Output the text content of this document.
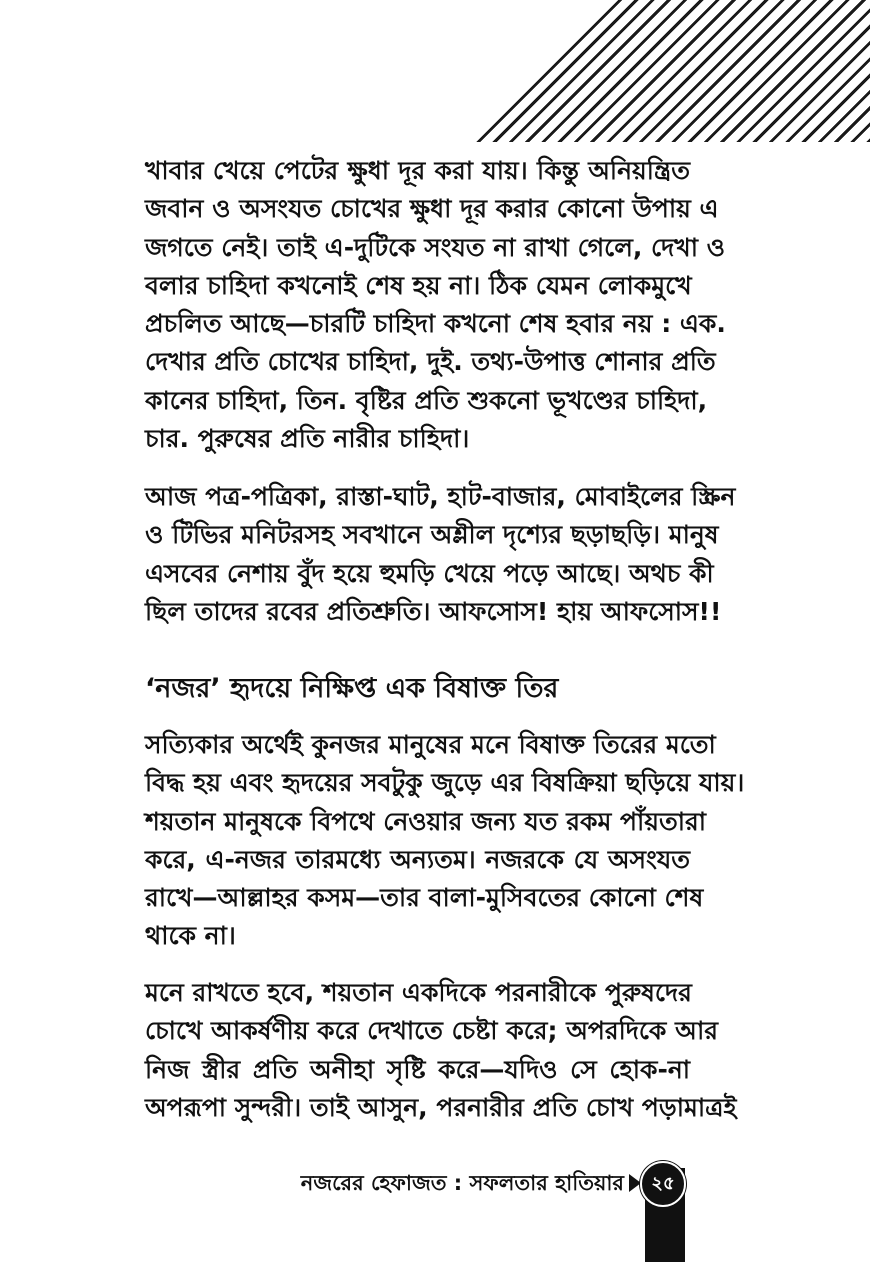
খাবার খেয়ে পেটের ক্ষুধা দূর করা যায়। কিন্তু অনিয়ন্ত্রিত
জবান ও অসংযত চোখের ক্ষুধা দূর করার কোনো উপায় এ
জগতে নেই। তাই এ-দুটিকে সংযত না রাখা গেলে, দেখা ও
বলার চাহিদা কখনোই শেষ হয় না। ঠিক যেমন লোকমুখে
প্রচলিত আছে—চারটি চাহিদা কখনো শেষ হবার নয় : এক.
দেখার প্রতি চোখের চাহিদা, দুই. তথ্য-উপাত্ত শোনার প্রতি
কানের চাহিদা, তিন. বৃষ্টির প্রতি শুকনো ভূখণ্ডের চাহিদা,
চার. পুরুষের প্রতি নারীর চাহিদা।
আজ পত্র-পত্রিকা, রাস্তা-ঘাট, হাট-বাজার, মোবাইলের স্ক্রিন
ও টিভির মনিটরসহ সবখানে অশ্লীল দৃশ্যের ছড়াছড়ি। মানুষ
এসবের নেশায় বুঁদ হয়ে হুমড়ি খেয়ে পড়ে আছে। অথচ কী
ছিল তাদের রবের প্রতিশ্রুতি। আফসোস! হায় আফসোস!!
‘নজর’ হৃদয়ে নিক্ষিপ্ত এক বিষাক্ত তির
সত্যিকার অর্থেই কুনজর মানুষের মনে বিষাক্ত তিরের মতো
বিদ্ধ হয় এবং হৃদয়ের সবটুকু জুড়ে এর বিষক্রিয়া ছড়িয়ে যায়।
শয়তান মানুষকে বিপথে নেওয়ার জন্য যত রকম পাঁয়তারা
করে, এ-নজর তারমধ্যে অন্যতম। নজরকে যে অসংযত
রাখে—আল্লাহর কসম—তার বালা-মুসিবতের কোনো শেষ
থাকে না।
মনে রাখতে হবে, শয়তান একদিকে পরনারীকে পুরুষদের
চোখে আকর্ষণীয় করে দেখাতে চেষ্টা করে; অপরদিকে আর
নিজ স্ত্রীর প্রতি অনীহা সৃষ্টি করে—যদিও সে হোক-না
অপরূপা সুন্দরী। তাই আসুন, পরনারীর প্রতি চোখ পড়ামাত্রই
নজরের হেফাজত : সফলতার হাতিয়ার	২৫
